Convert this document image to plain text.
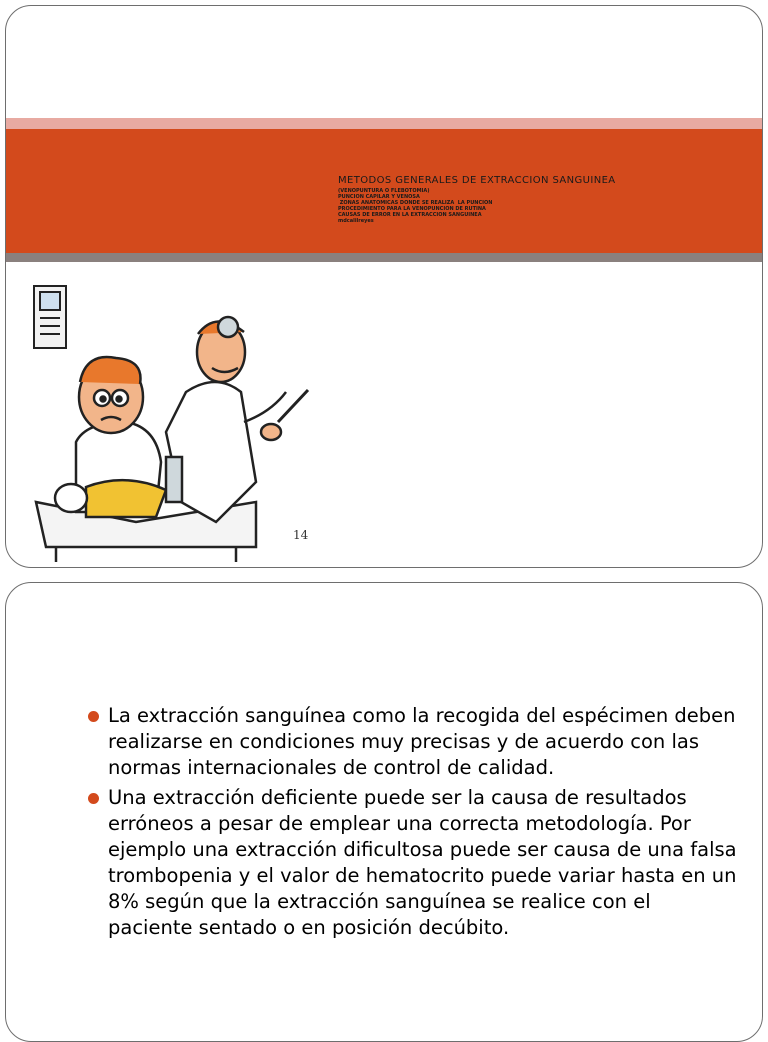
METODOS GENERALES DE EXTRACCION SANGUINEA
(VENOPUNTURA O FLEBOTOMIA)
PUNCION CAPILAR Y VENOSA
ZONAS ANATOMICAS DONDE SE REALIZA  LA PUNCION
PROCEDIMIENTO PARA LA VENOPUNCION DE RUTINA
CAUSAS DE ERROR EN LA EXTRACCION SANGUINEA
mdcalilreyes
14
La extracción sanguínea como la recogida del espécimen deben realizarse en condiciones muy precisas y de acuerdo con las normas internacionales de control de calidad.
Una extracción deficiente puede ser la causa de resultados erróneos a pesar de emplear una correcta metodología. Por ejemplo una extracción dificultosa puede ser causa de una falsa trombopenia y el valor de hematocrito puede variar hasta en un 8% según que la extracción sanguínea se realice con el paciente sentado o en posición decúbito.
